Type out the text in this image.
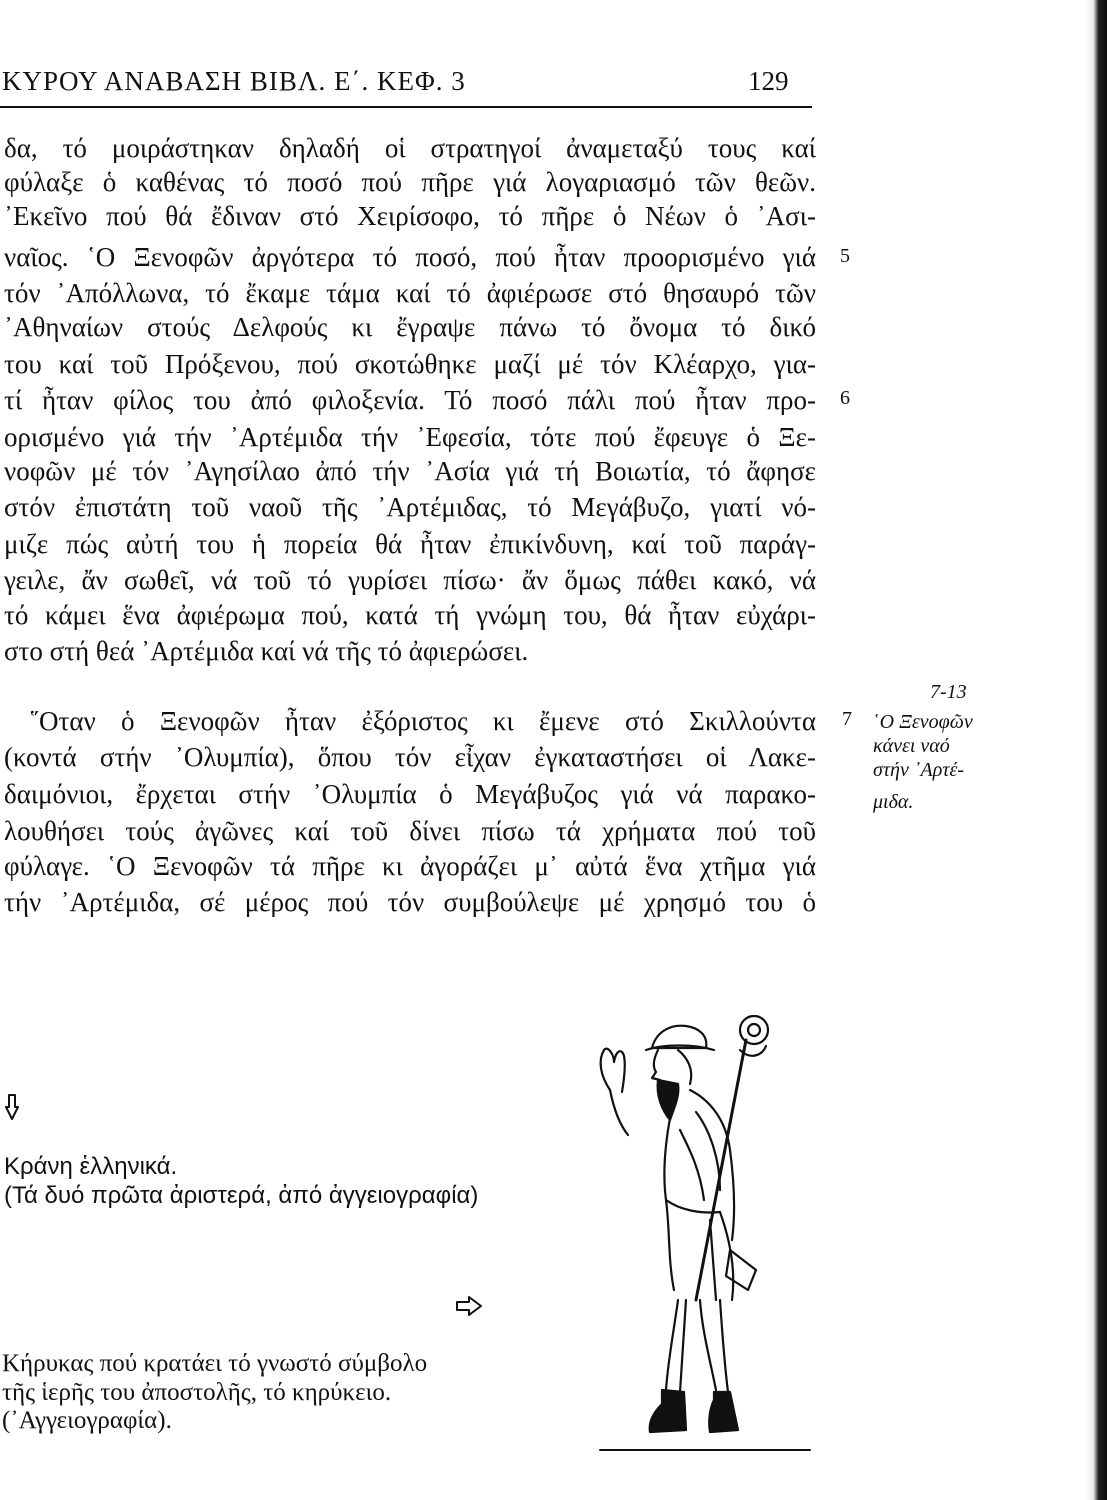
ΚΥΡΟΥ ΑΝΑΒΑΣΗ ΒΙΒΛ. Ε΄. ΚΕΦ. 3	129
δα, τό μοιράστηκαν δηλαδή οἱ στρατηγοί ἀναμεταξύ τους καί
φύλαξε ὁ καθένας τό ποσό πού πῆρε γιά λογαριασμό τῶν θεῶν.
᾿Εκεῖνο πού θά ἔδιναν στό Χειρίσοφο, τό πῆρε ὁ Νέων ὁ ᾿Ασι-
ναῖος. ῾Ο Ξενοφῶν ἀργότερα τό ποσό, πού ἦταν προορισμένο γιά
τόν ᾿Απόλλωνα, τό ἔκαμε τάμα καί τό ἀφιέρωσε στό θησαυρό τῶν
᾿Αθηναίων στούς Δελφούς κι ἔγραψε πάνω τό ὄνομα τό δικό
του καί τοῦ Πρόξενου, πού σκοτώθηκε μαζί μέ τόν Κλέαρχο, για-
τί ἦταν φίλος του ἀπό φιλοξενία. Τό ποσό πάλι πού ἦταν προ-
ορισμένο γιά τήν ᾿Αρτέμιδα τήν ᾿Εφεσία, τότε πού ἔφευγε ὁ Ξε-
νοφῶν μέ τόν ᾿Αγησίλαο ἀπό τήν ᾿Ασία γιά τή Βοιωτία, τό ἄφησε
στόν ἐπιστάτη τοῦ ναοῦ τῆς ᾿Αρτέμιδας, τό Μεγάβυζο, γιατί νό-
μιζε πώς αὐτή του ἡ πορεία θά ἦταν ἐπικίνδυνη, καί τοῦ παράγ-
γειλε, ἄν σωθεῖ, νά τοῦ τό γυρίσει πίσω· ἄν ὅμως πάθει κακό, νά
τό κάμει ἕνα ἀφιέρωμα πού, κατά τή γνώμη του, θά ἦταν εὐχάρι-
στο στή θεά ᾿Αρτέμιδα καί νά τῆς τό ἀφιερώσει.
῞Οταν ὁ Ξενοφῶν ἦταν ἐξόριστος κι ἔμενε στό Σκιλλούντα
(κοντά στήν ᾿Ολυμπία), ὅπου τόν εἶχαν ἐγκαταστήσει οἱ Λακε-
δαιμόνιοι, ἔρχεται στήν ᾿Ολυμπία ὁ Μεγάβυζος γιά νά παρακο-
λουθήσει τούς ἀγῶνες καί τοῦ δίνει πίσω τά χρήματα πού τοῦ
φύλαγε. ῾Ο Ξενοφῶν τά πῆρε κι ἀγοράζει μ᾿ αὐτά ἕνα χτῆμα γιά
τήν ᾿Αρτέμιδα, σέ μέρος πού τόν συμβούλεψε μέ χρησμό του ὁ
5
6
7
7-13
῾Ο Ξενοφῶν
κάνει ναό
στήν ᾿Αρτέ-
μιδα.
Κράνη ἑλληνικά.
(Τά δυό πρῶτα ἀριστερά, ἀπό ἀγγειογραφία)
Κήρυκας πού κρατάει τό γνωστό σύμβολο
τῆς ἱερῆς του ἀποστολῆς, τό κηρύκειο.
(᾿Αγγειογραφία).
